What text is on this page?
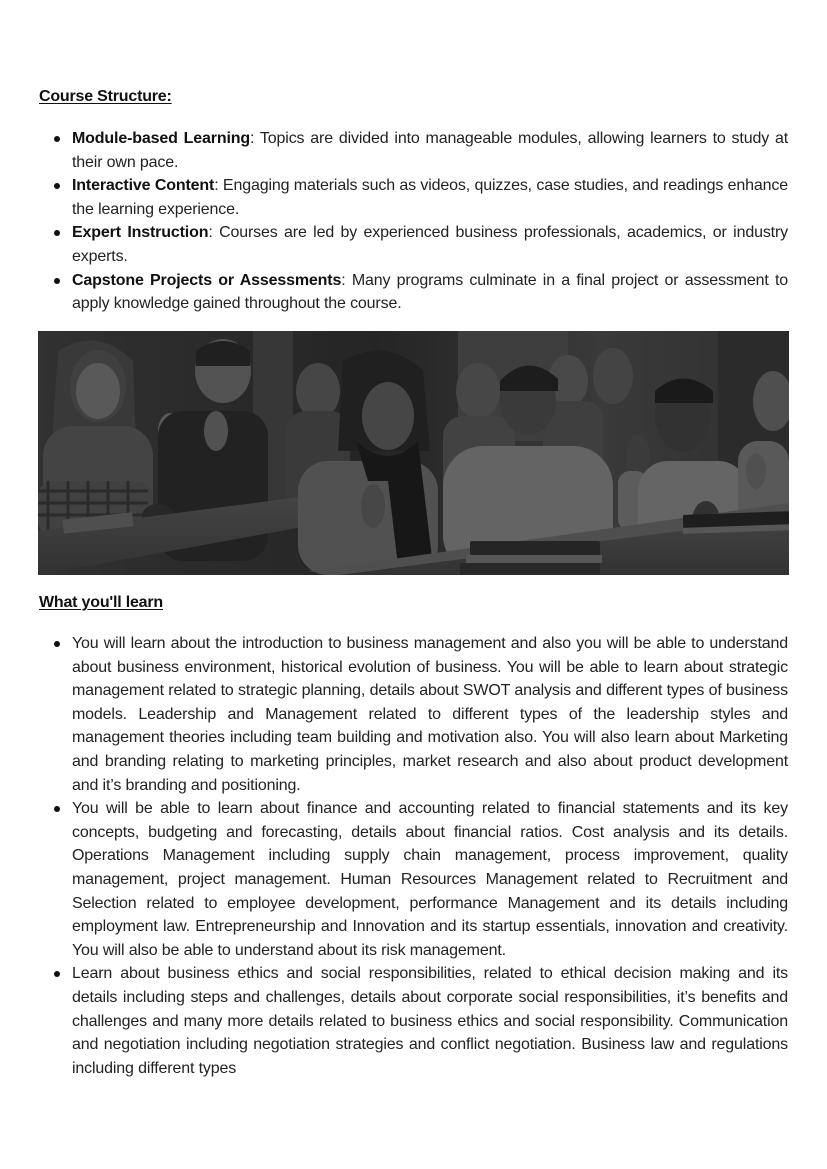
Course Structure:
Module-based Learning: Topics are divided into manageable modules, allowing learners to study at their own pace.
Interactive Content: Engaging materials such as videos, quizzes, case studies, and readings enhance the learning experience.
Expert Instruction: Courses are led by experienced business professionals, academics, or industry experts.
Capstone Projects or Assessments: Many programs culminate in a final project or assessment to apply knowledge gained throughout the course.
What you'll learn
You will learn about the introduction to business management and also you will be able to understand about business environment, historical evolution of business. You will be able to learn about strategic management related to strategic planning, details about SWOT analysis and different types of business models. Leadership and Management related to different types of the leadership styles and management theories including team building and motivation also. You will also learn about Marketing and branding relating to marketing principles, market research and also about product development and it’s branding and positioning.
You will be able to learn about finance and accounting related to financial statements and its key concepts, budgeting and forecasting, details about financial ratios. Cost analysis and its details. Operations Management including supply chain management, process improvement, quality management, project management. Human Resources Management related to Recruitment and Selection related to employee development, performance Management and its details including employment law. Entrepreneurship and Innovation and its startup essentials, innovation and creativity. You will also be able to understand about its risk management.
Learn about business ethics and social responsibilities, related to ethical decision making and its details including steps and challenges, details about corporate social responsibilities, it’s benefits and challenges and many more details related to business ethics and social responsibility. Communication and negotiation including negotiation strategies and conflict negotiation. Business law and regulations including different types
